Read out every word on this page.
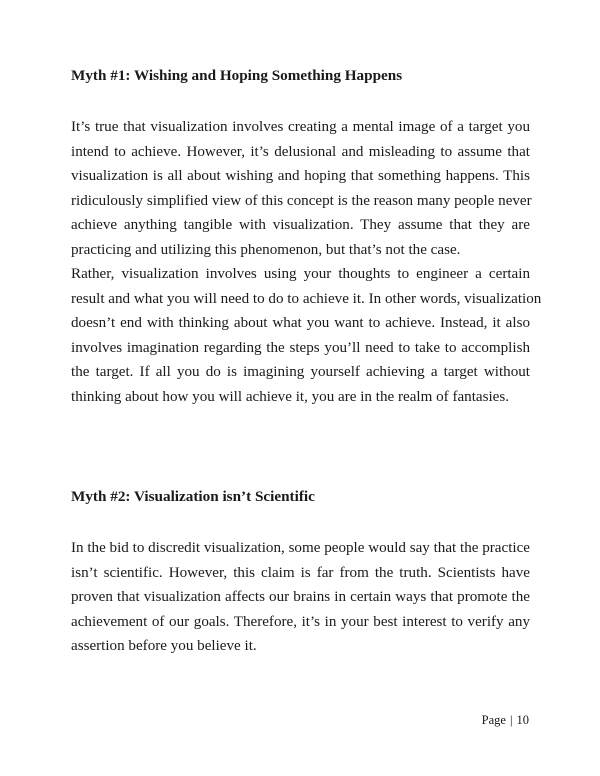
Myth #1: Wishing and Hoping Something Happens
It’s true that visualization involves creating a mental image of a target you
intend to achieve. However, it’s delusional and misleading to assume that
visualization is all about wishing and hoping that something happens. This
ridiculously simplified view of this concept is the reason many people never
achieve anything tangible with visualization. They assume that they are
practicing and utilizing this phenomenon, but that’s not the case.
Rather, visualization involves using your thoughts to engineer a certain
result and what you will need to do to achieve it. In other words, visualization
doesn’t end with thinking about what you want to achieve. Instead, it also
involves imagination regarding the steps you’ll need to take to accomplish
the target. If all you do is imagining yourself achieving a target without
thinking about how you will achieve it, you are in the realm of fantasies.
Myth #2: Visualization isn’t Scientific
In the bid to discredit visualization, some people would say that the practice
isn’t scientific. However, this claim is far from the truth. Scientists have
proven that visualization affects our brains in certain ways that promote the
achievement of our goals. Therefore, it’s in your best interest to verify any
assertion before you believe it.
Page | 10
